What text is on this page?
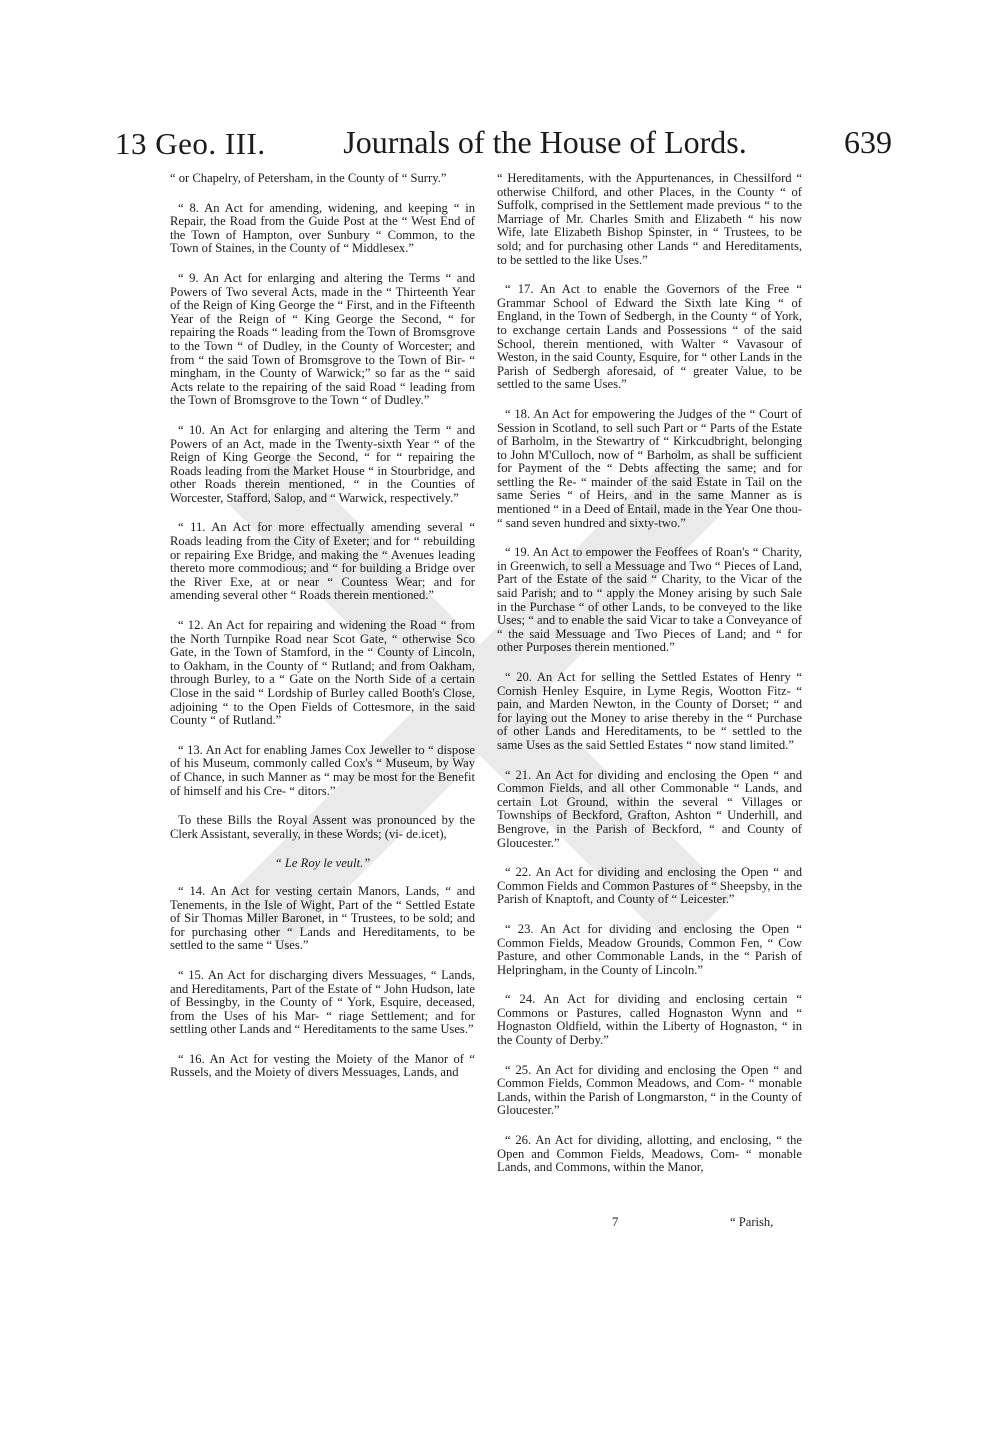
13 Geo. III. Journals of the House of Lords.	639

“ or Chapelry, of Petersham, in the County of “ Surry.”

“ 8. An Act for amending, widening, and keeping “ in Repair, the Road from the Guide Post at the “ West End of the Town of Hampton, over Sunbury “ Common, to the Town of Staines, in the County of “ Middlesex.”

“ 9. An Act for enlarging and altering the Terms “ and Powers of Two several Acts, made in the “ Thirteenth Year of the Reign of King George the “ First, and in the Fifteenth Year of the Reign of “ King George the Second, “ for repairing the Roads “ leading from the Town of Bromsgrove to the Town “ of Dudley, in the County of Worcester; and from “ the said Town of Bromsgrove to the Town of Bir- “ mingham, in the County of Warwick;” so far as the “ said Acts relate to the repairing of the said Road “ leading from the Town of Bromsgrove to the Town “ of Dudley.”

“ 10. An Act for enlarging and altering the Term “ and Powers of an Act, made in the Twenty-sixth Year “ of the Reign of King George the Second, “ for “ repairing the Roads leading from the Market House “ in Stourbridge, and other Roads therein mentioned, “ in the Counties of Worcester, Stafford, Salop, and “ Warwick, respectively.”

“ 11. An Act for more effectually amending several “ Roads leading from the City of Exeter; and for “ rebuilding or repairing Exe Bridge, and making the “ Avenues leading thereto more commodious; and “ for building a Bridge over the River Exe, at or near “ Countess Wear; and for amending several other “ Roads therein mentioned.”

“ 12. An Act for repairing and widening the Road “ from the North Turnpike Road near Scot Gate, “ otherwise Sco Gate, in the Town of Stamford, in the “ County of Lincoln, to Oakham, in the County of “ Rutland; and from Oakham, through Burley, to a “ Gate on the North Side of a certain Close in the said “ Lordship of Burley called Booth's Close, adjoining “ to the Open Fields of Cottesmore, in the said County “ of Rutland.”

“ 13. An Act for enabling James Cox Jeweller to “ dispose of his Museum, commonly called Cox's “ Museum, by Way of Chance, in such Manner as “ may be most for the Benefit of himself and his Cre- “ ditors.”

To these Bills the Royal Assent was pronounced by the Clerk Assistant, severally, in these Words; (vi- de.icet),

“ Le Roy le veult.”

“ 14. An Act for vesting certain Manors, Lands, “ and Tenements, in the Isle of Wight, Part of the “ Settled Estate of Sir Thomas Miller Baronet, in “ Trustees, to be sold; and for purchasing other “ Lands and Hereditaments, to be settled to the same “ Uses.”

“ 15. An Act for discharging divers Messuages, “ Lands, and Hereditaments, Part of the Estate of “ John Hudson, late of Bessingby, in the County of “ York, Esquire, deceased, from the Uses of his Mar- “ riage Settlement; and for settling other Lands and “ Hereditaments to the same Uses.”

“ 16. An Act for vesting the Moiety of the Manor of “ Russels, and the Moiety of divers Messuages, Lands, and

“ Hereditaments, with the Appurtenances, in Chessilford “ otherwise Chilford, and other Places, in the County “ of Suffolk, comprised in the Settlement made previous “ to the Marriage of Mr. Charles Smith and Elizabeth “ his now Wife, late Elizabeth Bishop Spinster, in “ Trustees, to be sold; and for purchasing other Lands “ and Hereditaments, to be settled to the like Uses.”

“ 17. An Act to enable the Governors of the Free “ Grammar School of Edward the Sixth late King “ of England, in the Town of Sedbergh, in the County “ of York, to exchange certain Lands and Possessions “ of the said School, therein mentioned, with Walter “ Vavasour of Weston, in the said County, Esquire, for “ other Lands in the Parish of Sedbergh aforesaid, of “ greater Value, to be settled to the same Uses.”

“ 18. An Act for empowering the Judges of the “ Court of Session in Scotland, to sell such Part or “ Parts of the Estate of Barholm, in the Stewartry of “ Kirkcudbright, belonging to John M'Culloch, now of “ Barholm, as shall be sufficient for Payment of the “ Debts affecting the same; and for settling the Re- “ mainder of the said Estate in Tail on the same Series “ of Heirs, and in the same Manner as is mentioned “ in a Deed of Entail, made in the Year One thou- “ sand seven hundred and sixty-two.”

“ 19. An Act to empower the Feoffees of Roan's “ Charity, in Greenwich, to sell a Messuage and Two “ Pieces of Land, Part of the Estate of the said “ Charity, to the Vicar of the said Parish; and to “ apply the Money arising by such Sale in the Purchase “ of other Lands, to be conveyed to the like Uses; “ and to enable the said Vicar to take a Conveyance of “ the said Messuage and Two Pieces of Land; and “ for other Purposes therein mentioned.”

“ 20. An Act for selling the Settled Estates of Henry “ Cornish Henley Esquire, in Lyme Regis, Wootton Fitz- “ pain, and Marden Newton, in the County of Dorset; “ and for laying out the Money to arise thereby in the “ Purchase of other Lands and Hereditaments, to be “ settled to the same Uses as the said Settled Estates “ now stand limited.”

“ 21. An Act for dividing and enclosing the Open “ and Common Fields, and all other Commonable “ Lands, and certain Lot Ground, within the several “ Villages or Townships of Beckford, Grafton, Ashton “ Underhill, and Bengrove, in the Parish of Beckford, “ and County of Gloucester.”

“ 22. An Act for dividing and enclosing the Open “ and Common Fields and Common Pastures of “ Sheepsby, in the Parish of Knaptoft, and County of “ Leicester.”

“ 23. An Act for dividing and enclosing the Open “ Common Fields, Meadow Grounds, Common Fen, “ Cow Pasture, and other Commonable Lands, in the “ Parish of Helpringham, in the County of Lincoln.”

“ 24. An Act for dividing and enclosing certain “ Commons or Pastures, called Hognaston Wynn and “ Hognaston Oldfield, within the Liberty of Hognaston, “ in the County of Derby.”

“ 25. An Act for dividing and enclosing the Open “ and Common Fields, Common Meadows, and Com- “ monable Lands, within the Parish of Longmarston, “ in the County of Gloucester.”

“ 26. An Act for dividing, allotting, and enclosing, “ the Open and Common Fields, Meadows, Com- “ monable Lands, and Commons, within the Manor,

7	“ Parish,
